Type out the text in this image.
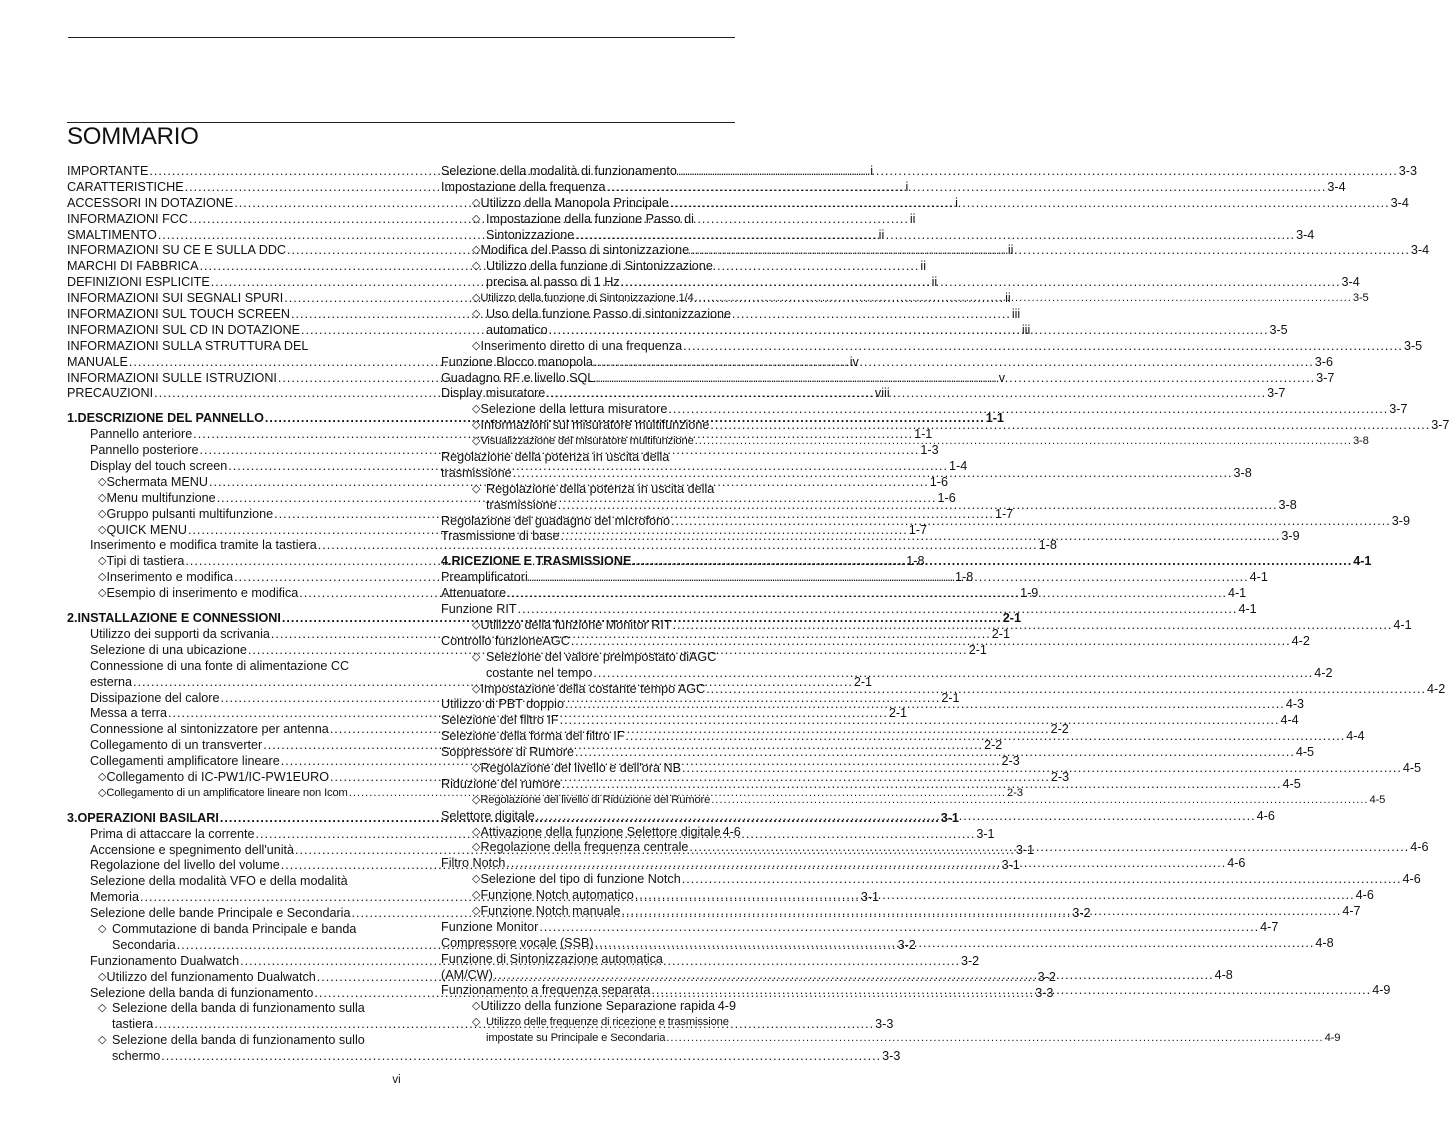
SOMMARIO
IMPORTANTE .....	i
CARATTERISTICHE .....	i
ACCESSORI IN DOTAZIONE .....	i
INFORMAZIONI FCC .....	ii
SMALTIMENTO .....	ii
INFORMAZIONI SU CE E SULLA DDC .....	ii
MARCHI DI FABBRICA .....	ii
DEFINIZIONI ESPLICITE .....	ii
INFORMAZIONI SUI SEGNALI SPURI .....	ii
INFORMAZIONI SUL TOUCH SCREEN .....	iii
INFORMAZIONI SUL CD IN DOTAZIONE .....	iii
INFORMAZIONI SULLA STRUTTURA DEL
MANUALE .....	iv
INFORMAZIONI SULLE ISTRUZIONI .....	v
PRECAUZIONI .....	viii
1. DESCRIZIONE DEL PANNELLO .....	1-1
Pannello anteriore .....	1-1
Pannello posteriore .....	1-3
Display del touch screen .....	1-4
◇ Schermata MENU .....	1-6
◇ Menu multifunzione .....	1-6
◇ Gruppo pulsanti multifunzione .....	1-7
◇ QUICK MENU .....	1-7
Inserimento e modifica tramite la tastiera .....	1-8
◇ Tipi di tastiera .....	1-8
◇ Inserimento e modifica .....	1-8
◇ Esempio di inserimento e modifica .....	1-9
2. INSTALLAZIONE E CONNESSIONI .....	2-1
Utilizzo dei supporti da scrivania .....	2-1
Selezione di una ubicazione .....	2-1
Connessione di una fonte di alimentazione CC
esterna .....	2-1
Dissipazione del calore .....	2-1
Messa a terra .....	2-1
Connessione al sintonizzatore per antenna .....	2-2
Collegamento di un transverter .....	2-2
Collegamenti amplificatore lineare .....	2-3
◇ Collegamento di IC-PW1/IC-PW1EURO .....	2-3
◇ Collegamento di un amplificatore lineare non Icom .....	2-3
3. OPERAZIONI BASILARI .....	3-1
Prima di attaccare la corrente .....	3-1
Accensione e spegnimento dell'unità .....	3-1
Regolazione del livello del volume .....	3-1
Selezione della modalità VFO e della modalità
Memoria .....	3-1
Selezione delle bande Principale e Secondaria .....	3-2
◇ Commutazione di banda Principale e banda
Secondaria .....	3-2
Funzionamento Dualwatch .....	3-2
◇ Utilizzo del funzionamento Dualwatch .....	3-2
Selezione della banda di funzionamento .....	3-3
◇ Selezione della banda di funzionamento sulla
tastiera .....	3-3
◇ Selezione della banda di funzionamento sullo
schermo .....	3-3
Selezione della modalità di funzionamento .....	3-3
Impostazione della frequenza .....	3-4
◇ Utilizzo della Manopola Principale .....	3-4
◇ Impostazione della funzione Passo di
Sintonizzazione .....	3-4
◇ Modifica del Passo di sintonizzazione .....	3-4
◇ Utilizzo della funzione di Sintonizzazione
precisa al passo di 1 Hz .....	3-4
◇ Utilizzo della funzione di Sintonizzazione 1/4 .....	3-5
◇ Uso della funzione Passo di sintonizzazione
automatico .....	3-5
◇ Inserimento diretto di una frequenza .....	3-5
Funzione Blocco manopola .....	3-6
Guadagno RF e livello SQL .....	3-7
Display misuratore .....	3-7
◇ Selezione della lettura misuratore .....	3-7
◇ Informazioni sul misuratore multifunzione .....	3-7
◇ Visualizzazione del misuratore multifunzione .....	3-8
Regolazione della potenza in uscita della
trasmissione .....	3-8
◇ Regolazione della potenza in uscita della
trasmissione .....	3-8
Regolazione del guadagno del microfono .....	3-9
Trasmissione di base .....	3-9
4. RICEZIONE E TRASMISSIONE .....	4-1
Preamplificatori .....	4-1
Attenuatore .....	4-1
Funzione RIT .....	4-1
◇ Utilizzo della funzione Monitor RIT .....	4-1
Controllo funzioneAGC .....	4-2
◇ Selezione del valore preimpostato diAGC
costante nel tempo .....	4-2
◇ Impostazione della costante tempo AGC .....	4-2
Utilizzo di PBT doppio .....	4-3
Selezione del filtro IF .....	4-4
Selezione della forma del filtro IF .....	4-4
Soppressore di Rumore .....	4-5
◇ Regolazione del livello e dell'ora NB .....	4-5
Riduzione del rumore .....	4-5
◇ Regolazione del livello di Riduzione del Rumore .....	4-5
Selettore digitale .....	4-6
◇ Attivazione della funzione Selettore digitale 4-6
◇ Regolazione della frequenza centrale .....	4-6
Filtro Notch .....	4-6
◇ Selezione del tipo di funzione Notch .....	4-6
◇ Funzione Notch automatico .....	4-6
◇ Funzione Notch manuale .....	4-7
Funzione Monitor .....	4-7
Compressore vocale (SSB) .....	4-8
Funzione di Sintonizzazione automatica
(AM/CW) .....	4-8
Funzionamento a frequenza separata .....	4-9
◇ Utilizzo della funzione Separazione rapida ..... 4-9
◇ Utilizzo delle frequenze di ricezione e trasmissione
impostate su Principale e Secondaria .....	4-9
vi
